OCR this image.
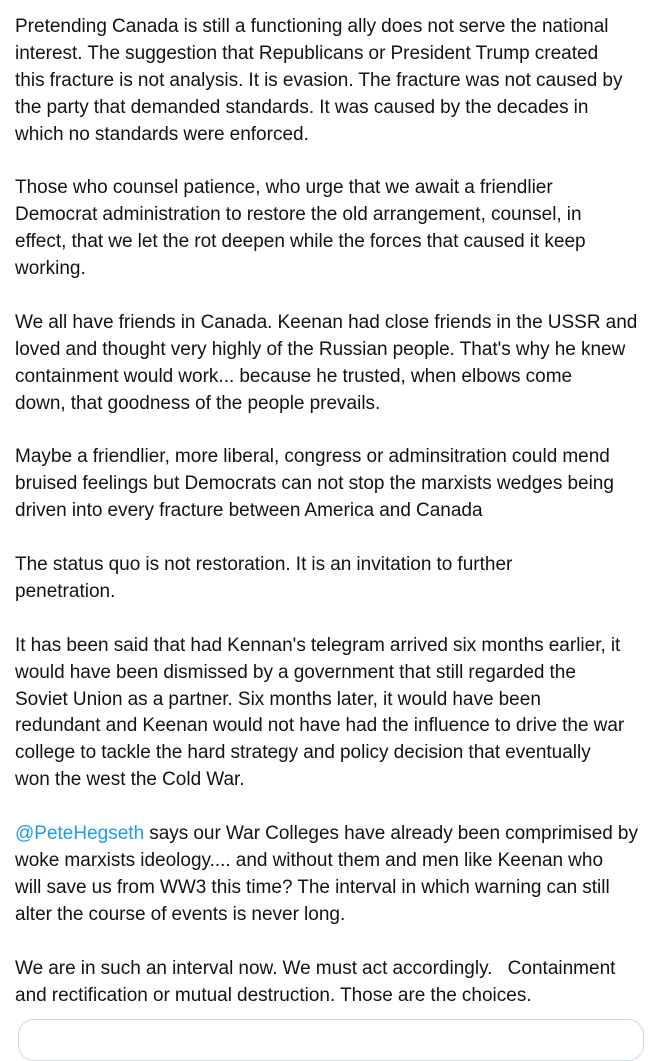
Pretending Canada is still a functioning ally does not serve the national
interest. The suggestion that Republicans or President Trump created
this fracture is not analysis. It is evasion. The fracture was not caused by
the party that demanded standards. It was caused by the decades in
which no standards were enforced.

Those who counsel patience, who urge that we await a friendlier
Democrat administration to restore the old arrangement, counsel, in
effect, that we let the rot deepen while the forces that caused it keep
working.

We all have friends in Canada. Keenan had close friends in the USSR and
loved and thought very highly of the Russian people. That's why he knew
containment would work... because he trusted, when elbows come
down, that goodness of the people prevails.

Maybe a friendlier, more liberal, congress or adminsitration could mend
bruised feelings but Democrats can not stop the marxists wedges being
driven into every fracture between America and Canada

The status quo is not restoration. It is an invitation to further
penetration.

It has been said that had Kennan's telegram arrived six months earlier, it
would have been dismissed by a government that still regarded the
Soviet Union as a partner. Six months later, it would have been
redundant and Keenan would not have had the influence to drive the war
college to tackle the hard strategy and policy decision that eventually
won the west the Cold War.

@PeteHegseth says our War Colleges have already been comprimised by
woke marxists ideology.... and without them and men like Keenan who
will save us from WW3 this time? The interval in which warning can still
alter the course of events is never long.

We are in such an interval now. We must act accordingly.   Containment
and rectification or mutual destruction. Those are the choices.
